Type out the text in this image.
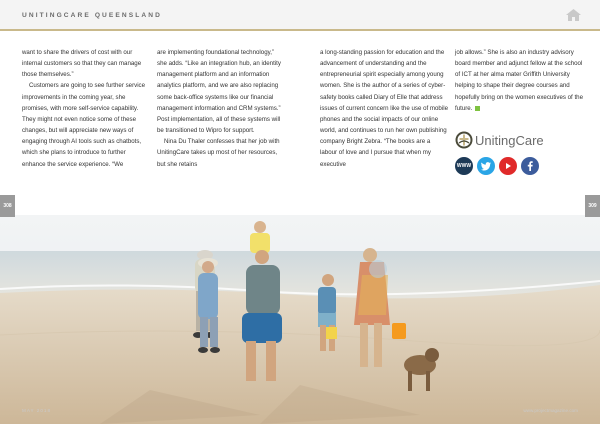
UNITINGCARE QUEENSLAND

want to share the drivers of cost with our internal customers so that they can manage those themselves.”

Customers are going to see further service improvements in the coming year, she promises, with more self-service capability. They might not even notice some of these changes, but will appreciate new ways of engaging through AI tools such as chatbots, which she plans to introduce to further enhance the service experience. “We

are implementing foundational technology,” she adds. “Like an integration hub, an identity management platform and an information analytics platform, and we are also replacing some back-office systems like our financial management information and CRM systems.” Post implementation, all of these systems will be transitioned to Wipro for support.

Nina Du Thaler confesses that her job with UnitingCare takes up most of her resources, but she retains

a long-standing passion for education and the advancement of understanding and the entrepreneurial spirit especially among young women. She is the author of a series of cyber-safety books called Diary of Elle that address issues of current concern like the use of mobile phones and the social impacts of our online world, and continues to run her own publishing company Bright Zebra. “The books are a labour of love and I pursue that when my executive

job allows.” She is also an industry advisory board member and adjunct fellow at the school of ICT at her alma mater Griffith University helping to shape their degree courses and hopefully bring on the women executives of the future.

UnitingCare
WWW
308	309
MAY 2018	www.projectmagazine.com
